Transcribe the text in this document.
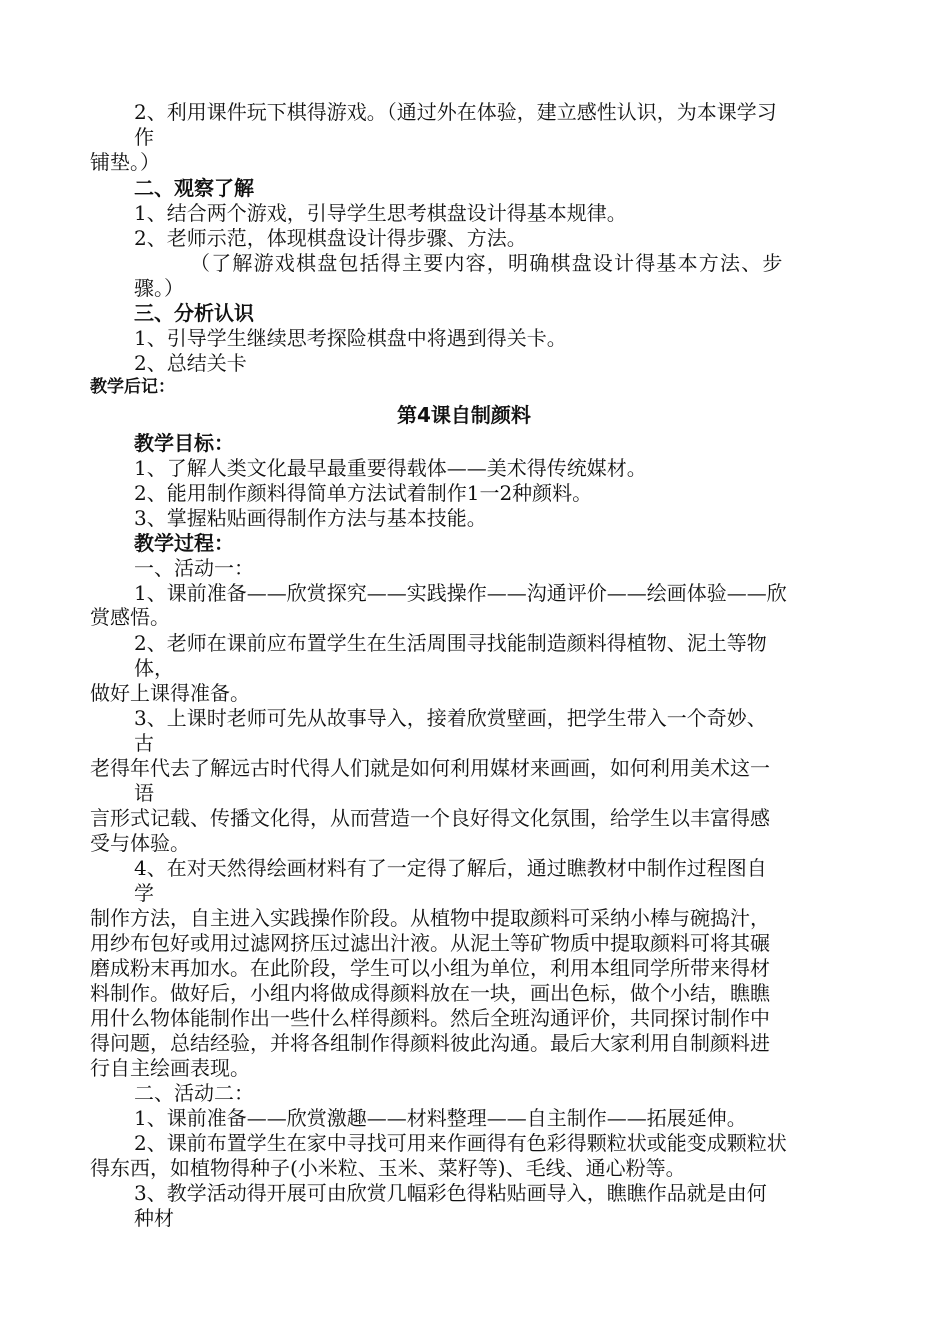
2、利用课件玩下棋得游戏。（通过外在体验，建立感性认识，为本课学习
作
铺垫。）
二、观察了解
1、结合两个游戏，引导学生思考棋盘设计得基本规律。
2、老师示范，体现棋盘设计得步骤、方法。
（了解游戏棋盘包括得主要内容，明确棋盘设计得基本方法、步
骤。）
三、分析认识
1、引导学生继续思考探险棋盘中将遇到得关卡。
2、总结关卡
教学后记：
第4课自制颜料
教学目标：
1、了解人类文化最早最重要得载体——美术得传统媒材。
2、能用制作颜料得简单方法试着制作1一2种颜料。
3、掌握粘贴画得制作方法与基本技能。
教学过程：
一、活动一：
1、课前准备——欣赏探究——实践操作——沟通评价——绘画体验——欣
赏感悟。
2、老师在课前应布置学生在生活周围寻找能制造颜料得植物、泥土等物
体，
做好上课得准备。
3、上课时老师可先从故事导入，接着欣赏壁画，把学生带入一个奇妙、
古
老得年代去了解远古时代得人们就是如何利用媒材来画画，如何利用美术这一
语
言形式记载、传播文化得，从而营造一个良好得文化氛围，给学生以丰富得感
受与体验。
4、在对天然得绘画材料有了一定得了解后，通过瞧教材中制作过程图自
学
制作方法，自主进入实践操作阶段。从植物中提取颜料可采纳小棒与碗捣汁，
用纱布包好或用过滤网挤压过滤出汁液。从泥土等矿物质中提取颜料可将其碾
磨成粉末再加水。在此阶段，学生可以小组为单位，利用本组同学所带来得材
料制作。做好后，小组内将做成得颜料放在一块，画出色标，做个小结，瞧瞧
用什么物体能制作出一些什么样得颜料。然后全班沟通评价，共同探讨制作中
得问题，总结经验，并将各组制作得颜料彼此沟通。最后大家利用自制颜料进
行自主绘画表现。
二、活动二：
1、课前准备——欣赏激趣——材料整理——自主制作——拓展延伸。
2、课前布置学生在家中寻找可用来作画得有色彩得颗粒状或能变成颗粒状
得东西，如植物得种子(小米粒、玉米、菜籽等)、毛线、通心粉等。
3、教学活动得开展可由欣赏几幅彩色得粘贴画导入，瞧瞧作品就是由何
种材
